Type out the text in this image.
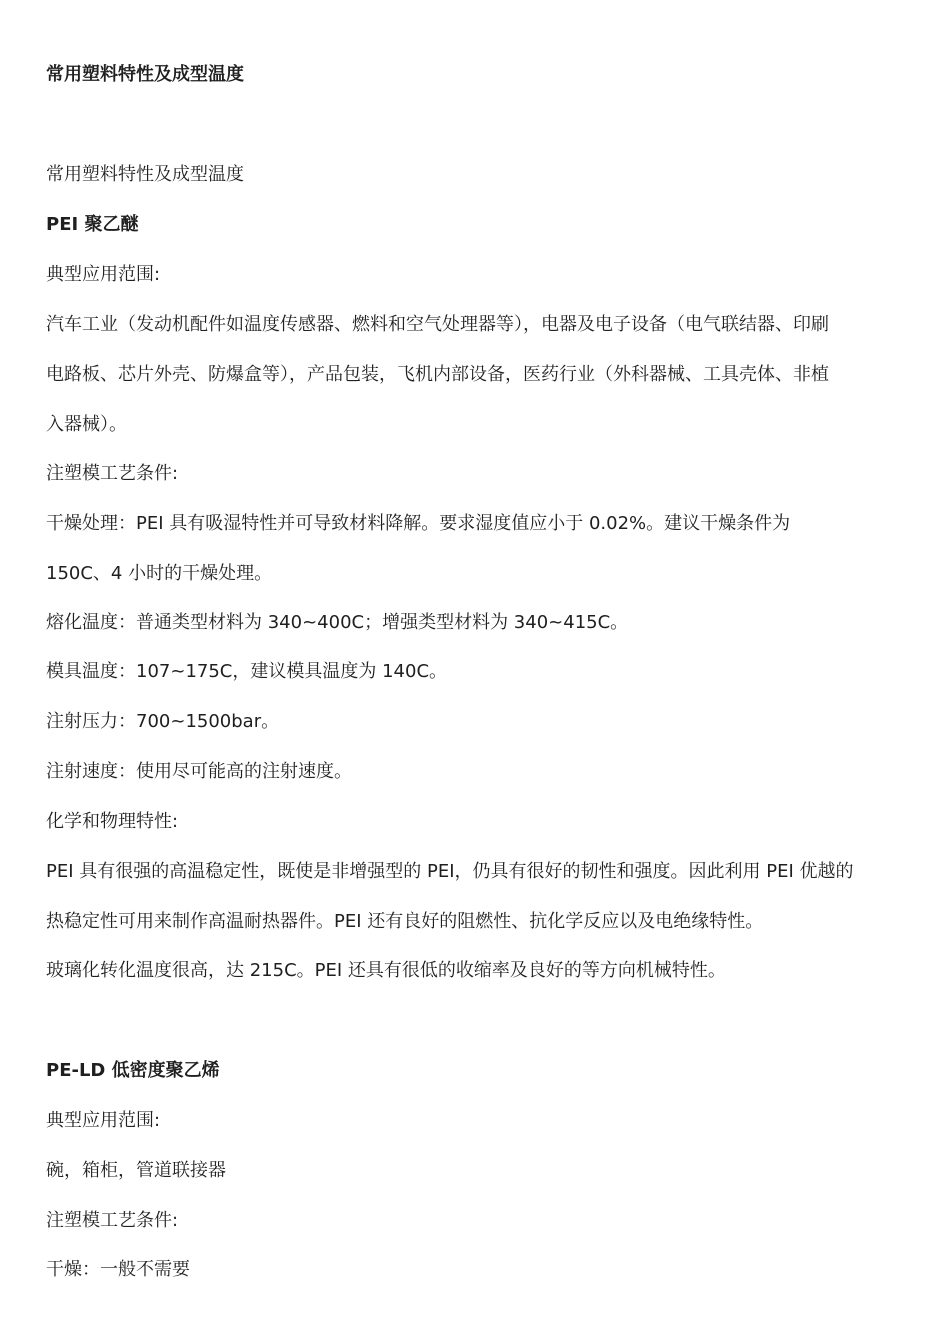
常用塑料特性及成型温度
常用塑料特性及成型温度
PEI 聚乙醚
典型应用范围:
汽车工业（发动机配件如温度传感器、燃料和空气处理器等），电器及电子设备（电气联结器、印刷
电路板、芯片外壳、防爆盒等），产品包装，飞机内部设备，医药行业（外科器械、工具壳体、非植
入器械）。
注塑模工艺条件:
干燥处理：PEI 具有吸湿特性并可导致材料降解。要求湿度值应小于 0.02%。建议干燥条件为
150C、4 小时的干燥处理。
熔化温度：普通类型材料为 340~400C；增强类型材料为 340~415C。
模具温度：107~175C，建议模具温度为 140C。
注射压力：700~1500bar。
注射速度：使用尽可能高的注射速度。
化学和物理特性:
PEI 具有很强的高温稳定性，既使是非增强型的 PEI，仍具有很好的韧性和强度。因此利用 PEI 优越的
热稳定性可用来制作高温耐热器件。PEI 还有良好的阻燃性、抗化学反应以及电绝缘特性。
玻璃化转化温度很高，达 215C。PEI 还具有很低的收缩率及良好的等方向机械特性。
PE-LD 低密度聚乙烯
典型应用范围:
碗，箱柜，管道联接器
注塑模工艺条件:
干燥：一般不需要
